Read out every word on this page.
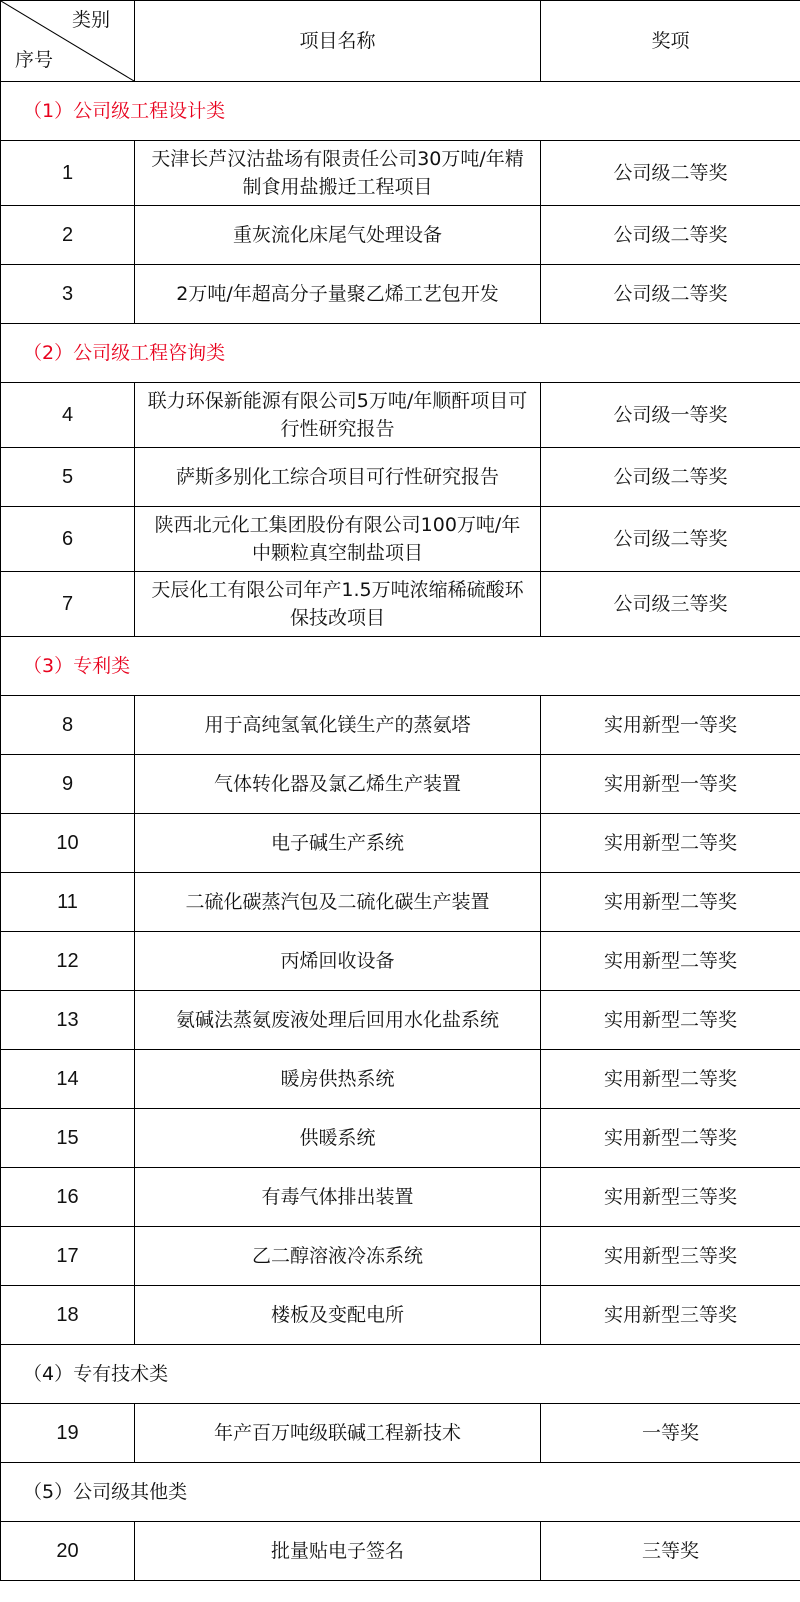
类别
序号	项目名称	奖项
（1）公司级工程设计类		
1	天津长芦汉沽盐场有限责任公司30万吨/年精制食用盐搬迁工程项目	公司级二等奖
2	重灰流化床尾气处理设备	公司级二等奖
3	2万吨/年超高分子量聚乙烯工艺包开发	公司级二等奖
（2）公司级工程咨询类		
4	联力环保新能源有限公司5万吨/年顺酐项目可行性研究报告	公司级一等奖
5	萨斯多别化工综合项目可行性研究报告	公司级二等奖
6	陕西北元化工集团股份有限公司100万吨/年中颗粒真空制盐项目	公司级二等奖
7	天辰化工有限公司年产1.5万吨浓缩稀硫酸环保技改项目	公司级三等奖
（3）专利类		
8	用于高纯氢氧化镁生产的蒸氨塔	实用新型一等奖
9	气体转化器及氯乙烯生产装置	实用新型一等奖
10	电子碱生产系统	实用新型二等奖
11	二硫化碳蒸汽包及二硫化碳生产装置	实用新型二等奖
12	丙烯回收设备	实用新型二等奖
13	氨碱法蒸氨废液处理后回用水化盐系统	实用新型二等奖
14	暖房供热系统	实用新型二等奖
15	供暖系统	实用新型二等奖
16	有毒气体排出装置	实用新型三等奖
17	乙二醇溶液冷冻系统	实用新型三等奖
18	楼板及变配电所	实用新型三等奖
（4）专有技术类		
19	年产百万吨级联碱工程新技术	一等奖
（5）公司级其他类		
20	批量贴电子签名	三等奖
